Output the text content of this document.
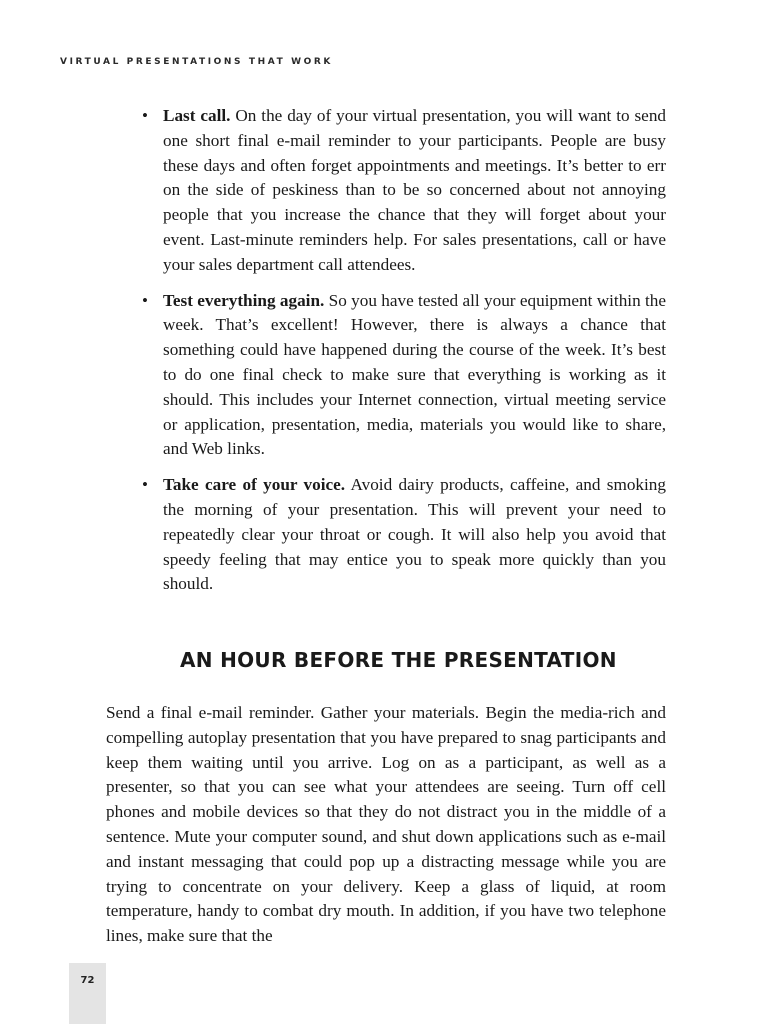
VIRTUAL PRESENTATIONS THAT WORK
• Last call. On the day of your virtual presentation, you will want to send one short final e-mail reminder to your participants. People are busy these days and often forget appointments and meetings. It’s better to err on the side of peskiness than to be so concerned about not annoying people that you increase the chance that they will forget about your event. Last-minute reminders help. For sales presentations, call or have your sales department call attendees.
• Test everything again. So you have tested all your equipment within the week. That’s excellent! However, there is always a chance that something could have happened during the course of the week. It’s best to do one final check to make sure that everything is working as it should. This includes your Internet connection, virtual meeting service or application, presentation, media, materials you would like to share, and Web links.
• Take care of your voice. Avoid dairy products, caffeine, and smoking the morning of your presentation. This will prevent your need to repeatedly clear your throat or cough. It will also help you avoid that speedy feeling that may entice you to speak more quickly than you should.
AN HOUR BEFORE THE PRESENTATION

Send a final e-mail reminder. Gather your materials. Begin the media-rich and compelling autoplay presentation that you have prepared to snag participants and keep them waiting until you arrive. Log on as a participant, as well as a presenter, so that you can see what your attendees are seeing. Turn off cell phones and mobile devices so that they do not distract you in the middle of a sentence. Mute your computer sound, and shut down applications such as e-mail and instant messaging that could pop up a distracting message while you are trying to concentrate on your delivery. Keep a glass of liquid, at room temperature, handy to combat dry mouth. In addition, if you have two telephone lines, make sure that the

72
